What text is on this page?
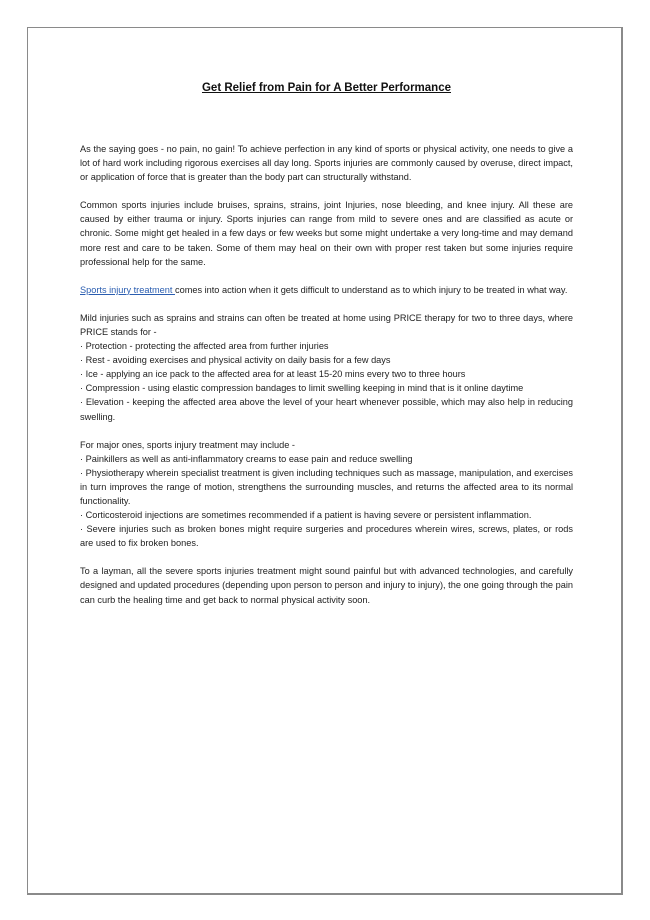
Get Relief from Pain for A Better Performance

As the saying goes - no pain, no gain! To achieve perfection in any kind of sports or physical activity, one needs to give a lot of hard work including rigorous exercises all day long. Sports injuries are commonly caused by overuse, direct impact, or application of force that is greater than the body part can structurally withstand.

Common sports injuries include bruises, sprains, strains, joint Injuries, nose bleeding, and knee injury. All these are caused by either trauma or injury. Sports injuries can range from mild to severe ones and are classified as acute or chronic. Some might get healed in a few days or few weeks but some might undertake a very long-time and may demand more rest and care to be taken. Some of them may heal on their own with proper rest taken but some injuries require professional help for the same.

Sports injury treatment comes into action when it gets difficult to understand as to which injury to be treated in what way.

Mild injuries such as sprains and strains can often be treated at home using PRICE therapy for two to three days, where PRICE stands for -

· Protection - protecting the affected area from further injuries

· Rest - avoiding exercises and physical activity on daily basis for a few days

· Ice - applying an ice pack to the affected area for at least 15-20 mins every two to three hours

· Compression - using elastic compression bandages to limit swelling keeping in mind that is it online daytime

· Elevation - keeping the affected area above the level of your heart whenever possible, which may also help in reducing swelling.

For major ones, sports injury treatment may include -

· Painkillers as well as anti-inflammatory creams to ease pain and reduce swelling

· Physiotherapy wherein specialist treatment is given including techniques such as massage, manipulation, and exercises in turn improves the range of motion, strengthens the surrounding muscles, and returns the affected area to its normal functionality.

· Corticosteroid injections are sometimes recommended if a patient is having severe or persistent inflammation.

· Severe injuries such as broken bones might require surgeries and procedures wherein wires, screws, plates, or rods are used to fix broken bones.

To a layman, all the severe sports injuries treatment might sound painful but with advanced technologies, and carefully designed and updated procedures (depending upon person to person and injury to injury), the one going through the pain can curb the healing time and get back to normal physical activity soon.
